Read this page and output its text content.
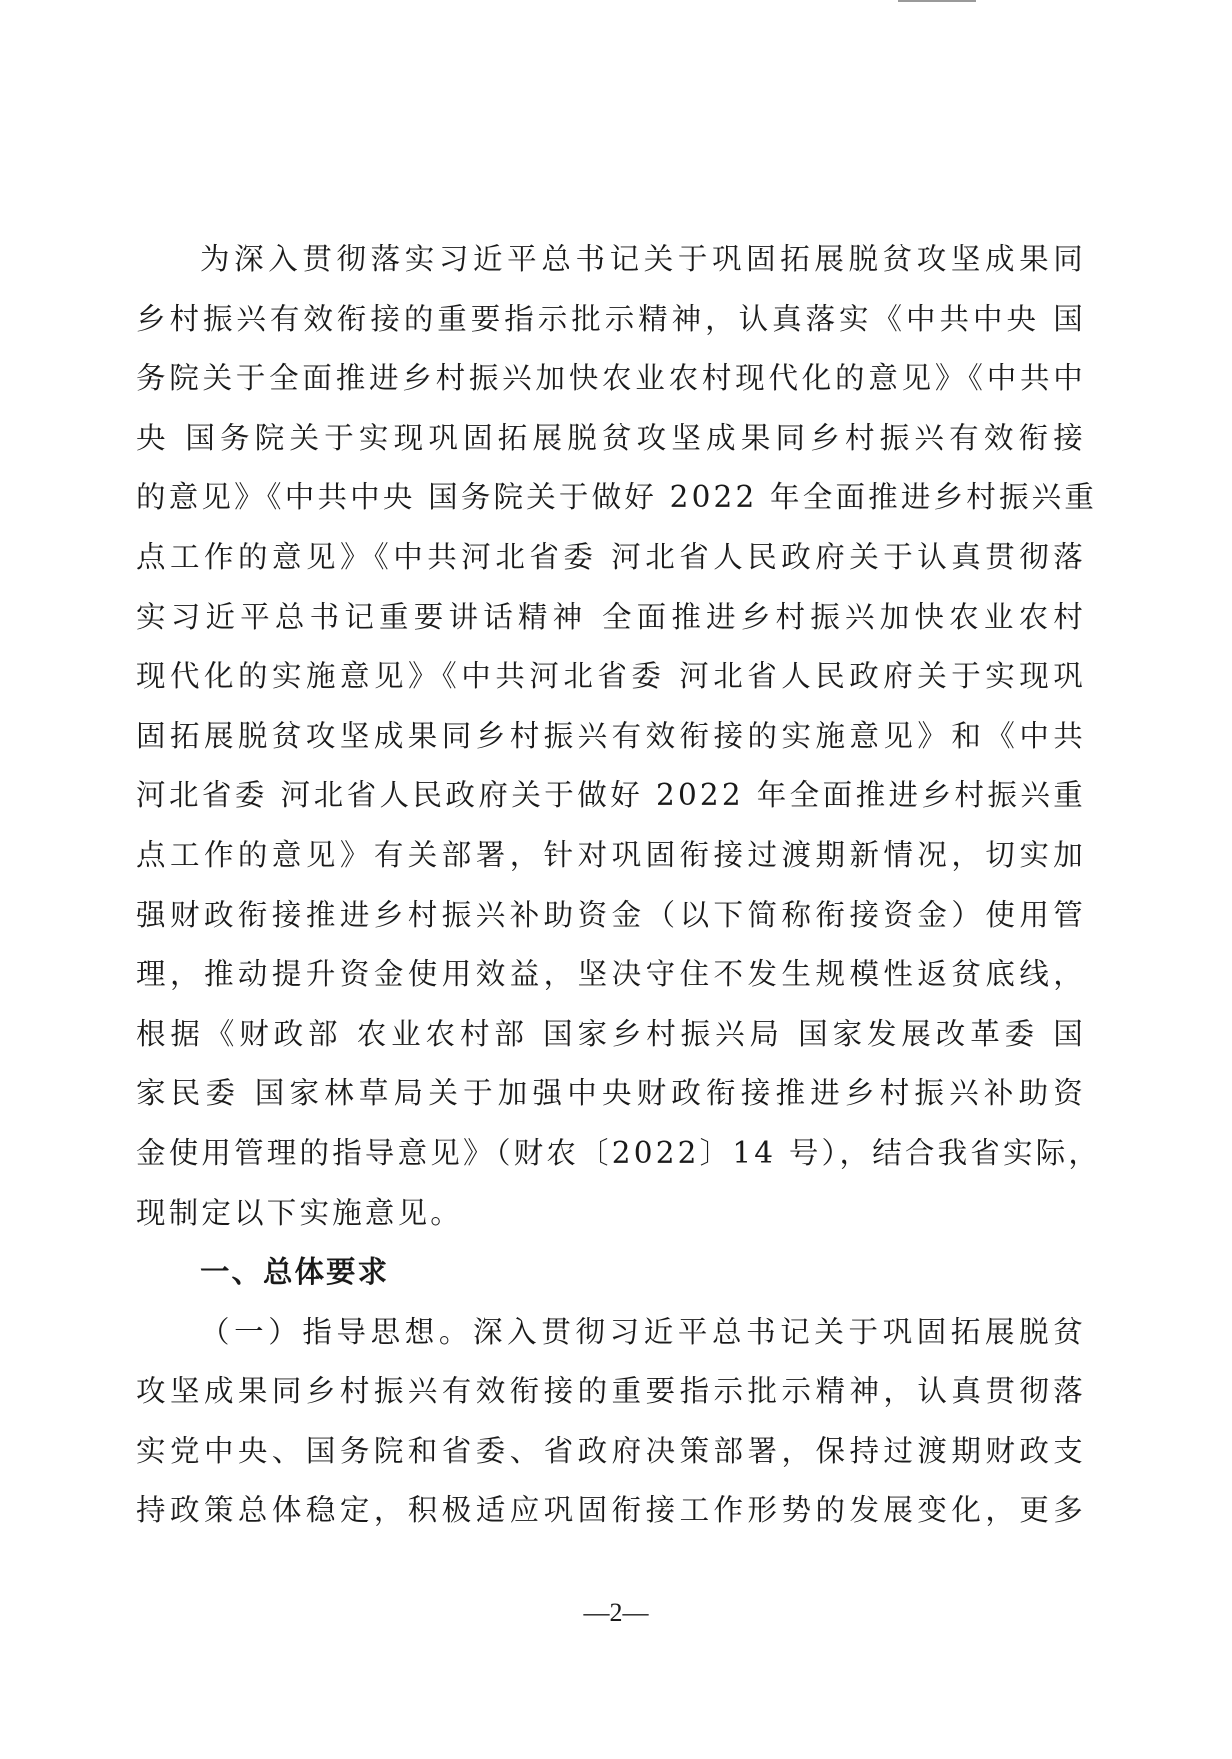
为深入贯彻落实习近平总书记关于巩固拓展脱贫攻坚成果同
乡村振兴有效衔接的重要指示批示精神，认真落实《中共中央 国
务院关于全面推进乡村振兴加快农业农村现代化的意见》《中共中
央 国务院关于实现巩固拓展脱贫攻坚成果同乡村振兴有效衔接
的意见》《中共中央 国务院关于做好 2022 年全面推进乡村振兴重
点工作的意见》《中共河北省委 河北省人民政府关于认真贯彻落
实习近平总书记重要讲话精神 全面推进乡村振兴加快农业农村
现代化的实施意见》《中共河北省委 河北省人民政府关于实现巩
固拓展脱贫攻坚成果同乡村振兴有效衔接的实施意见》和《中共
河北省委 河北省人民政府关于做好 2022 年全面推进乡村振兴重
点工作的意见》有关部署，针对巩固衔接过渡期新情况，切实加
强财政衔接推进乡村振兴补助资金（以下简称衔接资金）使用管
理，推动提升资金使用效益，坚决守住不发生规模性返贫底线，
根据《财政部 农业农村部 国家乡村振兴局 国家发展改革委 国
家民委 国家林草局关于加强中央财政衔接推进乡村振兴补助资
金使用管理的指导意见》（财农〔2022〕14 号），结合我省实际，
现制定以下实施意见。
一、总体要求
（一）指导思想。深入贯彻习近平总书记关于巩固拓展脱贫
攻坚成果同乡村振兴有效衔接的重要指示批示精神，认真贯彻落
实党中央、国务院和省委、省政府决策部署，保持过渡期财政支
持政策总体稳定，积极适应巩固衔接工作形势的发展变化，更多
—2—
